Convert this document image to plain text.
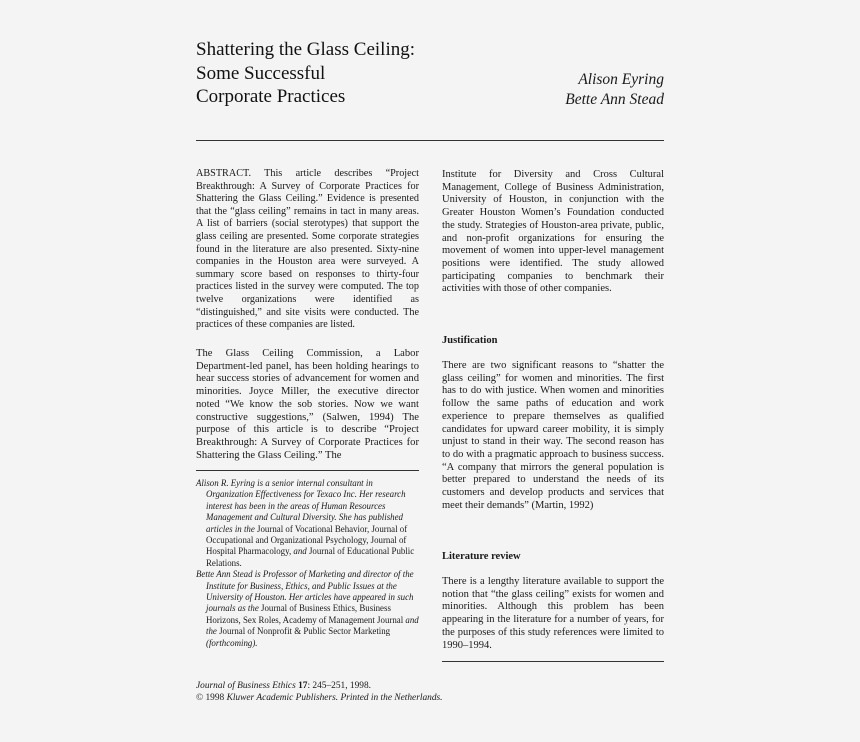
Shattering the Glass Ceiling:
Some Successful
Corporate Practices
Alison Eyring
Bette Ann Stead

ABSTRACT. This article describes “Project Breakthrough: A Survey of Corporate Practices for Shattering the Glass Ceiling.” Evidence is presented that the “glass ceiling” remains in tact in many areas. A list of barriers (social sterotypes) that support the glass ceiling are presented. Some corporate strategies found in the literature are also presented. Sixty-nine companies in the Houston area were surveyed. A summary score based on responses to thirty-four practices listed in the survey were computed. The top twelve organizations were identified as “distinguished,” and site visits were conducted. The practices of these companies are listed.

The Glass Ceiling Commission, a Labor Department-led panel, has been holding hearings to hear success stories of advancement for women and minorities. Joyce Miller, the executive director noted “We know the sob stories. Now we want constructive suggestions,” (Salwen, 1994) The purpose of this article is to describe “Project Breakthrough: A Survey of Corporate Practices for Shattering the Glass Ceiling.” The

Alison R. Eyring is a senior internal consultant in Organization Effectiveness for Texaco Inc. Her research interest has been in the areas of Human Resources Management and Cultural Diversity. She has published articles in the Journal of Vocational Behavior, Journal of Occupational and Organizational Psychology, Journal of Hospital Pharmacology, and Journal of Educational Public Relations.

Bette Ann Stead is Professor of Marketing and director of the Institute for Business, Ethics, and Public Issues at the University of Houston. Her articles have appeared in such journals as the Journal of Business Ethics, Business Horizons, Sex Roles, Academy of Management Journal and the Journal of Nonprofit & Public Sector Marketing (forthcoming).

Institute for Diversity and Cross Cultural Management, College of Business Administration, University of Houston, in conjunction with the Greater Houston Women’s Foundation conducted the study. Strategies of Houston-area private, public, and non-profit organizations for ensuring the movement of women into upper-level management positions were identified. The study allowed participating companies to benchmark their activities with those of other companies.

Justification

There are two significant reasons to “shatter the glass ceiling” for women and minorities. The first has to do with justice. When women and minorities follow the same paths of education and work experience to prepare themselves as qualified candidates for upward career mobility, it is simply unjust to stand in their way. The second reason has to do with a pragmatic approach to business success. “A company that mirrors the general population is better prepared to understand the needs of its customers and develop products and services that meet their demands” (Martin, 1992)

Literature review

There is a lengthy literature available to support the notion that “the glass ceiling” exists for women and minorities. Although this problem has been appearing in the literature for a number of years, for the purposes of this study references were limited to 1990–1994.

Journal of Business Ethics 17: 245–251, 1998.
© 1998 Kluwer Academic Publishers. Printed in the Netherlands.
